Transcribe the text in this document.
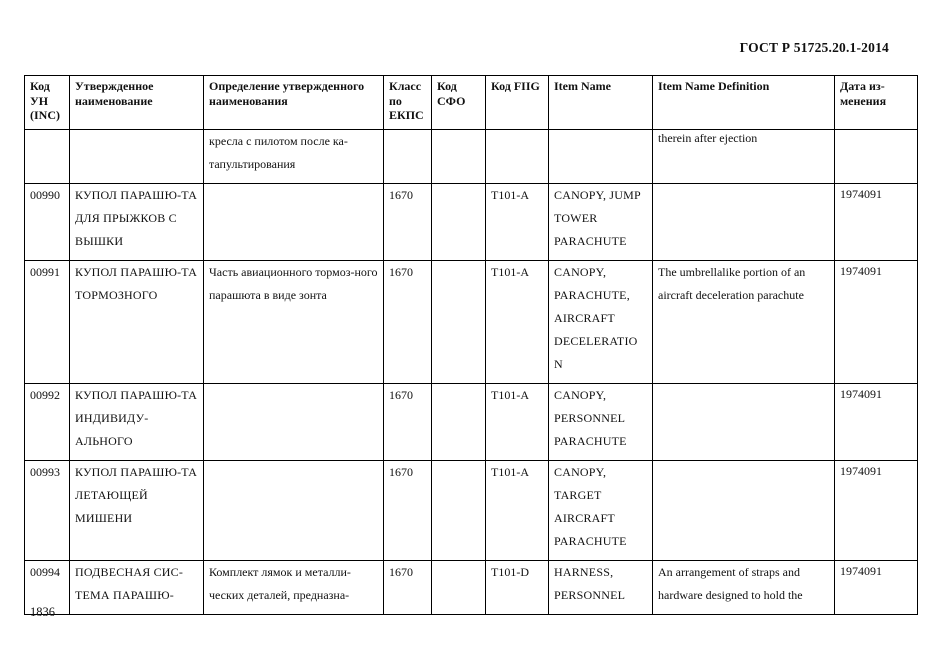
ГОСТ Р 51725.20.1-2014
Код УН (INC)	Утвержденное наименование	Определение утвержденного наименования	Класс по ЕКПС	Код СФО	Код FIIG	Item Name	Item Name Definition	Дата из-менения
		кресла с пилотом после ка-тапультирования					therein after ejection	
00990	КУПОЛ ПАРАШЮ-ТА ДЛЯ ПРЫЖКОВ С ВЫШКИ		1670		T101-A	CANOPY, JUMP TOWER PARACHUTE		1974091
00991	КУПОЛ ПАРАШЮ-ТА ТОРМОЗНОГО	Часть авиационного тормоз-ного парашюта в виде зонта	1670		T101-A	CANOPY, PARACHUTE, AIRCRAFT DECELERATIO N	The umbrellalike portion of an aircraft deceleration parachute	1974091
00992	КУПОЛ ПАРАШЮ-ТА ИНДИВИДУ-АЛЬНОГО		1670		T101-A	CANOPY, PERSONNEL PARACHUTE		1974091
00993	КУПОЛ ПАРАШЮ-ТА ЛЕТАЮЩЕЙ МИШЕНИ		1670		T101-A	CANOPY, TARGET AIRCRAFT PARACHUTE		1974091
00994	ПОДВЕСНАЯ СИС-ТЕМА ПАРАШЮ-	Комплект лямок и металли-ческих деталей, предназна-	1670		T101-D	HARNESS, PERSONNEL	An arrangement of straps and hardware designed to hold the	1974091
1836
